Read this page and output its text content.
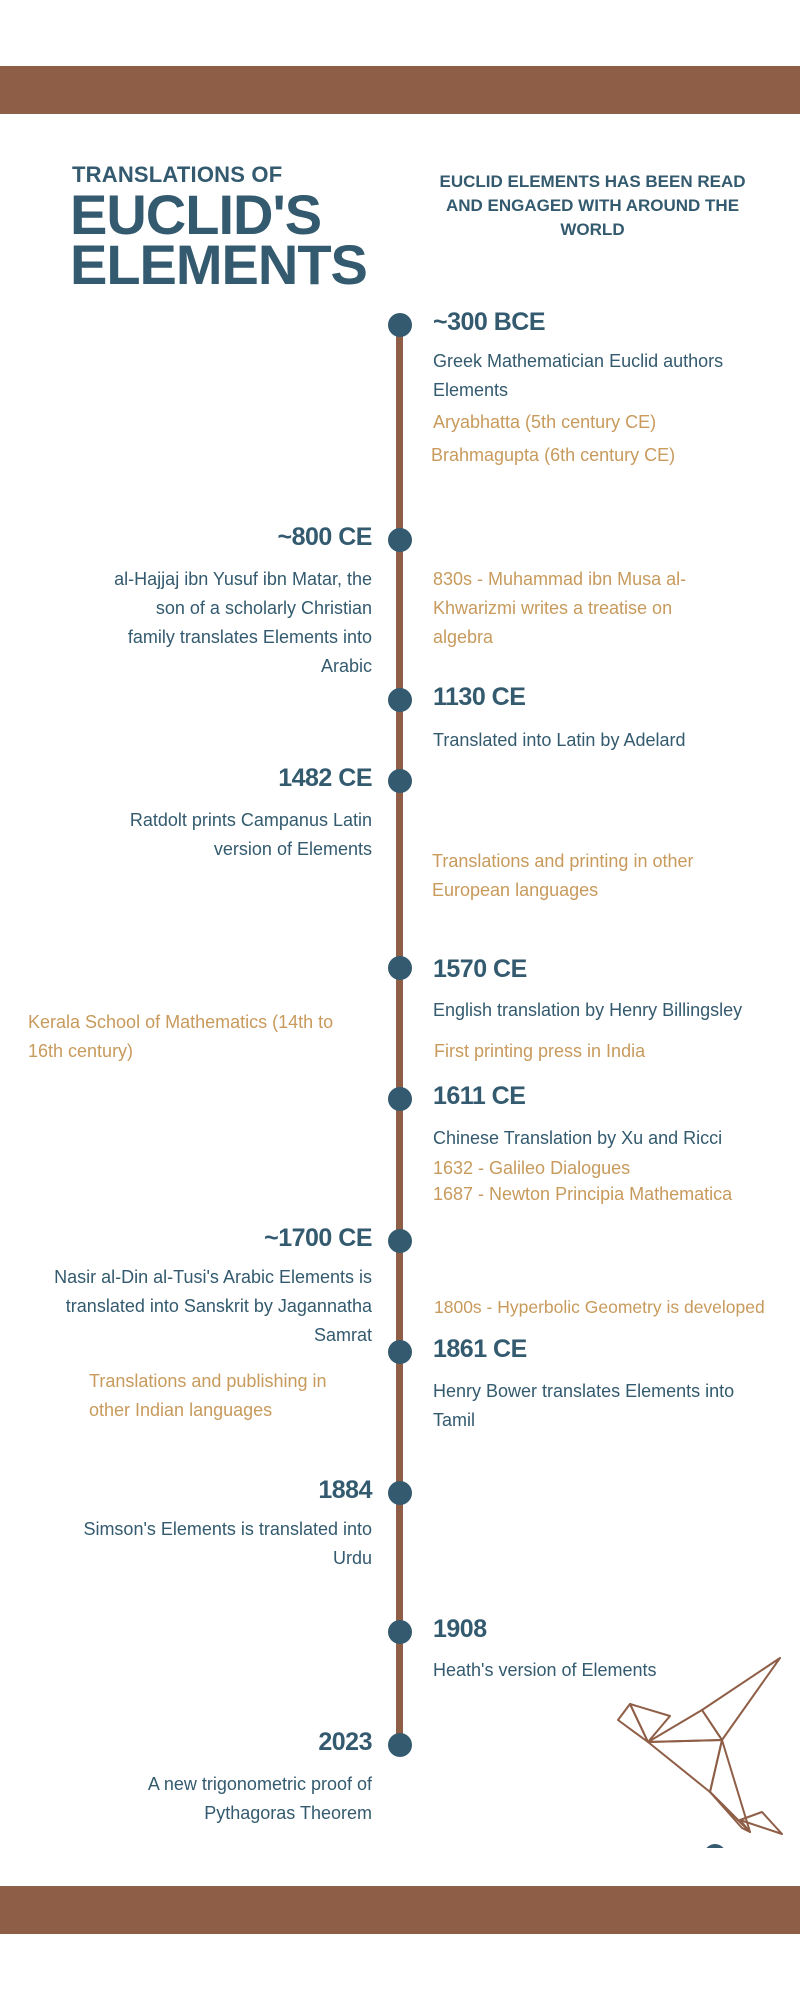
TRANSLATIONS OF
EUCLID'S
ELEMENTS
EUCLID ELEMENTS HAS BEEN READ AND ENGAGED WITH AROUND THE WORLD
~300 BCE
~800 CE
1130 CE
1482 CE
1570 CE
1611 CE
~1700 CE
1861 CE
1884
1908
2023
Greek Mathematician Euclid authors Elements
al-Hajjaj ibn Yusuf ibn Matar, the son of a scholarly Christian family translates Elements into Arabic
Translated into Latin by Adelard
Ratdolt prints Campanus Latin version of Elements
English translation by Henry Billingsley
Chinese Translation by Xu and Ricci
Nasir al-Din al-Tusi's Arabic Elements is translated into Sanskrit by Jagannatha Samrat
Henry Bower translates Elements into Tamil
Simson's Elements is translated into Urdu
Heath's version of Elements
A new trigonometric proof of Pythagoras Theorem
Aryabhatta (5th century CE)
Brahmagupta (6th century CE)
830s - Muhammad ibn Musa al-Khwarizmi writes a treatise on algebra
Translations and printing in other European languages
Kerala School of Mathematics (14th to 16th century)	First printing press in India
1632 - Galileo Dialogues
1687 - Newton Principia Mathematica
1800s - Hyperbolic Geometry is developed
Translations and publishing in other Indian languages
